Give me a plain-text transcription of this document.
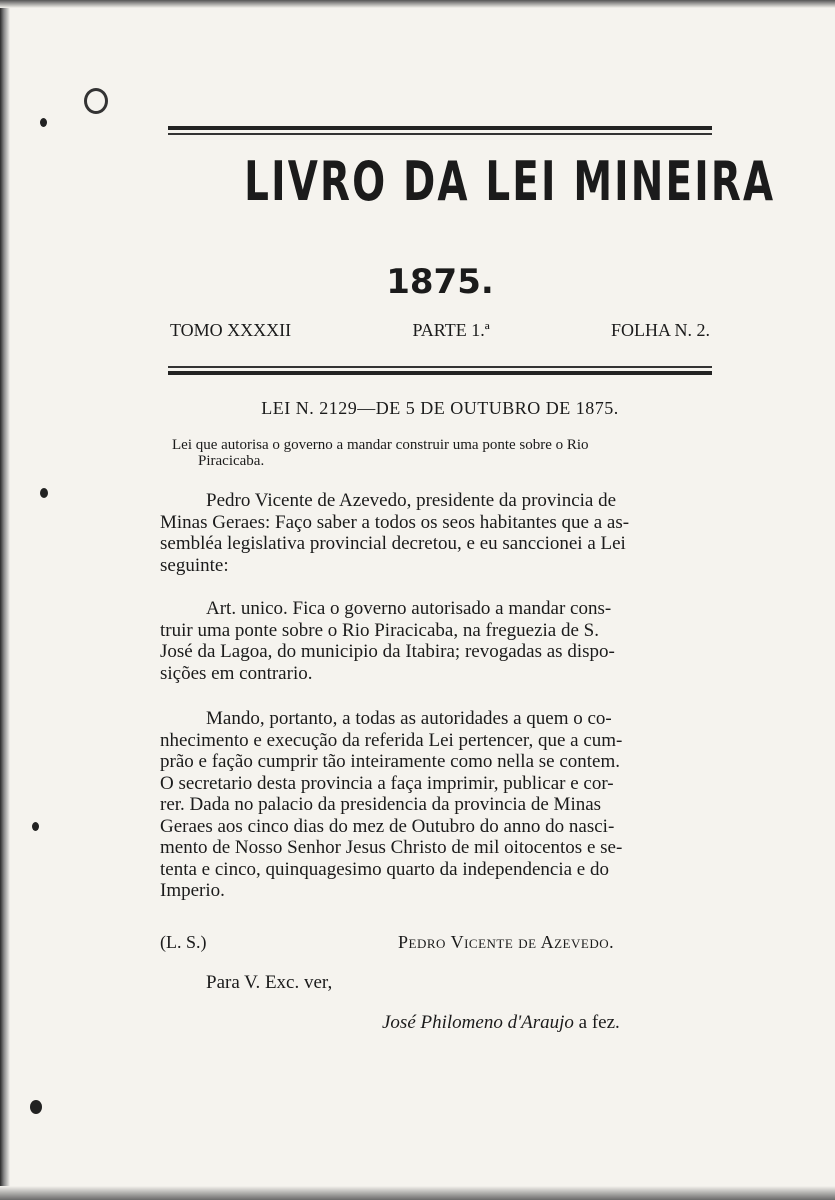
LIVRO DA LEI MINEIRA
1875.
TOMO XXXXII	PARTE 1.ª	FOLHA N. 2.
LEI N. 2129—DE 5 DE OUTUBRO DE 1875.
Lei que autorisa o governo a mandar construir uma ponte sobre o Rio
Piracicaba.
Pedro Vicente de Azevedo, presidente da provincia de
Minas Geraes: Faço saber a todos os seos habitantes que a as-
sembléa legislativa provincial decretou, e eu sanccionei a Lei
seguinte:
Art. unico. Fica o governo autorisado a mandar cons-
truir uma ponte sobre o Rio Piracicaba, na freguezia de S.
José da Lagoa, do municipio da Itabira; revogadas as dispo-
sições em contrario.
Mando, portanto, a todas as autoridades a quem o co-
nhecimento e execução da referida Lei pertencer, que a cum-
prão e fação cumprir tão inteiramente como nella se contem.
O secretario desta provincia a faça imprimir, publicar e cor-
rer. Dada no palacio da presidencia da provincia de Minas
Geraes aos cinco dias do mez de Outubro do anno do nasci-
mento de Nosso Senhor Jesus Christo de mil oitocentos e se-
tenta e cinco, quinquagesimo quarto da independencia e do
Imperio.
(L. S.)	Pedro Vicente de Azevedo.
Para V. Exc. ver,
José Philomeno d'Araujo a fez.
